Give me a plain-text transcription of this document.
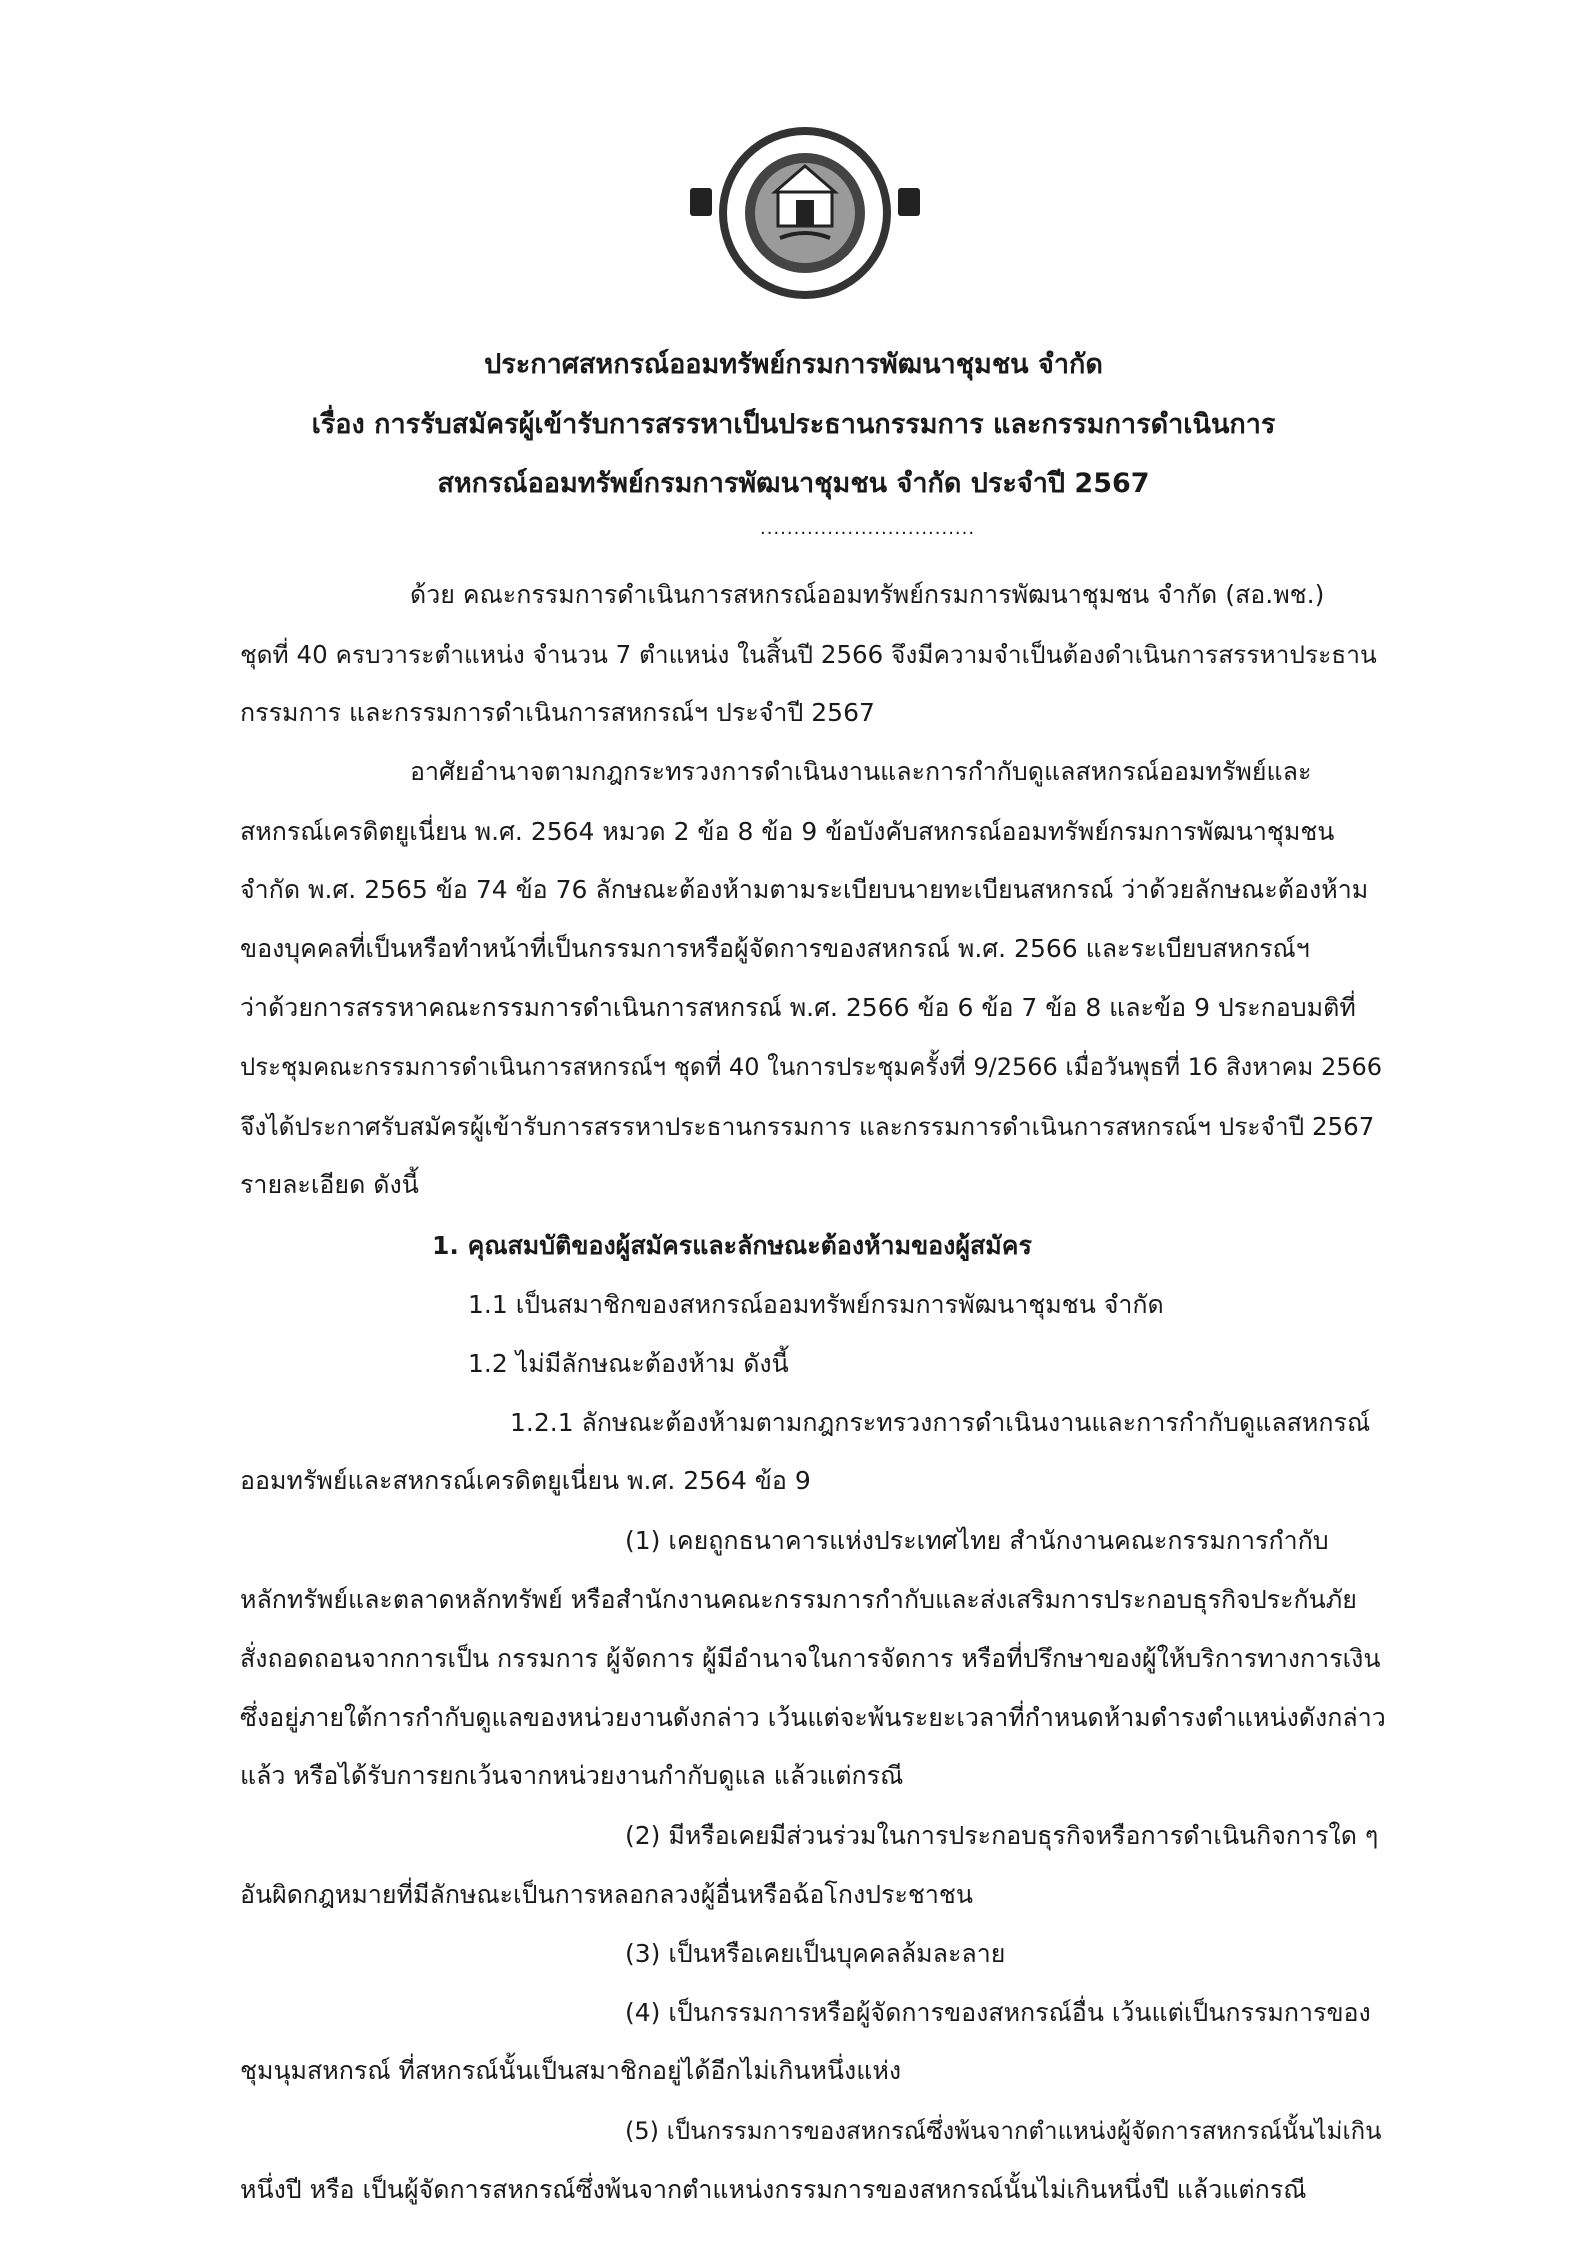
ประกาศสหกรณ์ออมทรัพย์กรมการพัฒนาชุมชน จำกัด
เรื่อง การรับสมัครผู้เข้ารับการสรรหาเป็นประธานกรรมการ และกรรมการดำเนินการ
สหกรณ์ออมทรัพย์กรมการพัฒนาชุมชน จำกัด ประจำปี 2567
................................
ด้วย คณะกรรมการดำเนินการสหกรณ์ออมทรัพย์กรมการพัฒนาชุมชน จำกัด (สอ.พช.)
ชุดที่ 40 ครบวาระตำแหน่ง จำนวน 7 ตำแหน่ง ในสิ้นปี 2566 จึงมีความจำเป็นต้องดำเนินการสรรหาประธาน
กรรมการ และกรรมการดำเนินการสหกรณ์ฯ ประจำปี 2567
อาศัยอำนาจตามกฎกระทรวงการดำเนินงานและการกำกับดูแลสหกรณ์ออมทรัพย์และ
สหกรณ์เครดิตยูเนี่ยน พ.ศ. 2564 หมวด 2 ข้อ 8 ข้อ 9 ข้อบังคับสหกรณ์ออมทรัพย์กรมการพัฒนาชุมชน
จำกัด พ.ศ. 2565 ข้อ 74 ข้อ 76 ลักษณะต้องห้ามตามระเบียบนายทะเบียนสหกรณ์ ว่าด้วยลักษณะต้องห้าม
ของบุคคลที่เป็นหรือทำหน้าที่เป็นกรรมการหรือผู้จัดการของสหกรณ์ พ.ศ. 2566 และระเบียบสหกรณ์ฯ
ว่าด้วยการสรรหาคณะกรรมการดำเนินการสหกรณ์ พ.ศ. 2566 ข้อ 6 ข้อ 7 ข้อ 8 และข้อ 9 ประกอบมติที่
ประชุมคณะกรรมการดำเนินการสหกรณ์ฯ ชุดที่ 40 ในการประชุมครั้งที่ 9/2566 เมื่อวันพุธที่ 16 สิงหาคม 2566
จึงได้ประกาศรับสมัครผู้เข้ารับการสรรหาประธานกรรมการ และกรรมการดำเนินการสหกรณ์ฯ ประจำปี 2567
รายละเอียด ดังนี้
1. คุณสมบัติของผู้สมัครและลักษณะต้องห้ามของผู้สมัคร
1.1 เป็นสมาชิกของสหกรณ์ออมทรัพย์กรมการพัฒนาชุมชน จำกัด
1.2 ไม่มีลักษณะต้องห้าม ดังนี้
1.2.1 ลักษณะต้องห้ามตามกฎกระทรวงการดำเนินงานและการกำกับดูแลสหกรณ์
ออมทรัพย์และสหกรณ์เครดิตยูเนี่ยน พ.ศ. 2564 ข้อ 9
(1) เคยถูกธนาคารแห่งประเทศไทย สำนักงานคณะกรรมการกำกับ
หลักทรัพย์และตลาดหลักทรัพย์ หรือสำนักงานคณะกรรมการกำกับและส่งเสริมการประกอบธุรกิจประกันภัย
สั่งถอดถอนจากการเป็น กรรมการ ผู้จัดการ ผู้มีอำนาจในการจัดการ หรือที่ปรึกษาของผู้ให้บริการทางการเงิน
ซึ่งอยู่ภายใต้การกำกับดูแลของหน่วยงานดังกล่าว เว้นแต่จะพ้นระยะเวลาที่กำหนดห้ามดำรงตำแหน่งดังกล่าว
แล้ว หรือได้รับการยกเว้นจากหน่วยงานกำกับดูแล แล้วแต่กรณี
(2) มีหรือเคยมีส่วนร่วมในการประกอบธุรกิจหรือการดำเนินกิจการใด ๆ
อันผิดกฎหมายที่มีลักษณะเป็นการหลอกลวงผู้อื่นหรือฉ้อโกงประชาชน
(3) เป็นหรือเคยเป็นบุคคลล้มละลาย
(4) เป็นกรรมการหรือผู้จัดการของสหกรณ์อื่น เว้นแต่เป็นกรรมการของ
ชุมนุมสหกรณ์ ที่สหกรณ์นั้นเป็นสมาชิกอยู่ได้อีกไม่เกินหนึ่งแห่ง
(5) เป็นกรรมการของสหกรณ์ซึ่งพ้นจากตำแหน่งผู้จัดการสหกรณ์นั้นไม่เกิน
หนึ่งปี หรือ เป็นผู้จัดการสหกรณ์ซึ่งพ้นจากตำแหน่งกรรมการของสหกรณ์นั้นไม่เกินหนึ่งปี แล้วแต่กรณี
